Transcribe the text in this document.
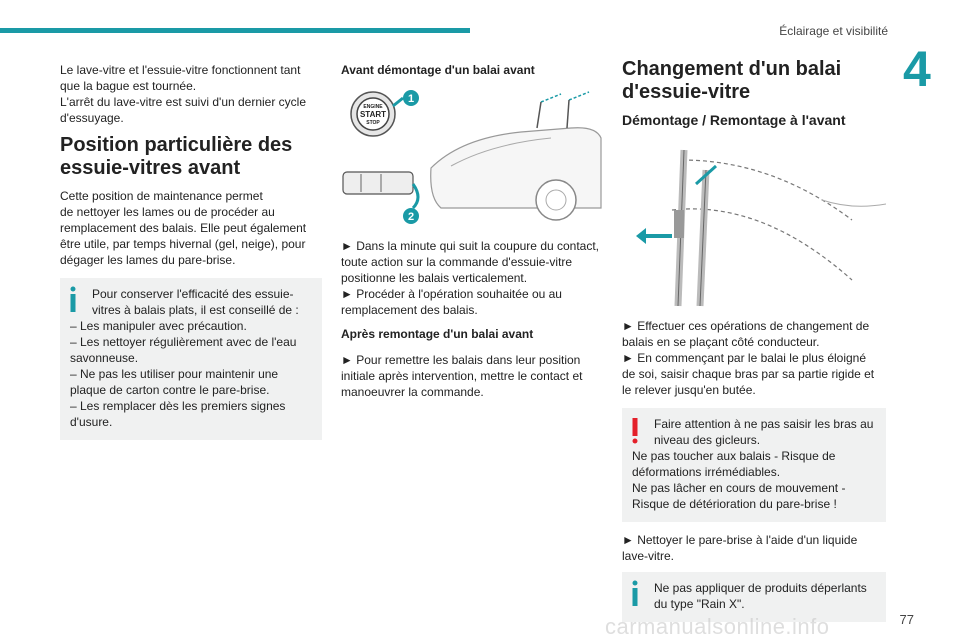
Éclairage et visibilité
4

Le lave-vitre et l'essuie-vitre fonctionnent tant
que la bague est tournée.
L'arrêt du lave-vitre est suivi d'un dernier cycle
d'essuyage.

Position particulière des essuie-vitres avant

Cette position de maintenance permet
de nettoyer les lames ou de procéder au
remplacement des balais. Elle peut également
être utile, par temps hivernal (gel, neige), pour
dégager les lames du pare-brise.

Pour conserver l'efficacité des essuie-

vitres à balais plats, il est conseillé de :

– Les manipuler avec précaution.

– Les nettoyer régulièrement avec de l'eau

savonneuse.

– Ne pas les utiliser pour maintenir une

plaque de carton contre le pare-brise.

– Les remplacer dès les premiers signes

d'usure.

Avant démontage d'un balai avant
ENGINE
START
STOP
1
2

► Dans la minute qui suit la coupure du contact,
toute action sur la commande d'essuie-vitre
positionne les balais verticalement.
► Procéder à l'opération souhaitée ou au
remplacement des balais.

Après remontage d'un balai avant

► Pour remettre les balais dans leur position
initiale après intervention, mettre le contact et
manoeuvrer la commande.

Changement d'un balai d'essuie-vitre
Démontage / Remontage à l'avant

► Effectuer ces opérations de changement de
balais en se plaçant côté conducteur.
► En commençant par le balai le plus éloigné
de soi, saisir chaque bras par sa partie rigide et
le relever jusqu'en butée.

Faire attention à ne pas saisir les bras au

niveau des gicleurs.

Ne pas toucher aux balais - Risque de

déformations irrémédiables.

Ne pas lâcher en cours de mouvement -

Risque de détérioration du pare-brise !

► Nettoyer le pare-brise à l'aide d'un liquide
lave-vitre.

Ne pas appliquer de produits déperlants

du type "Rain X".

carmanualsonline.info	77
